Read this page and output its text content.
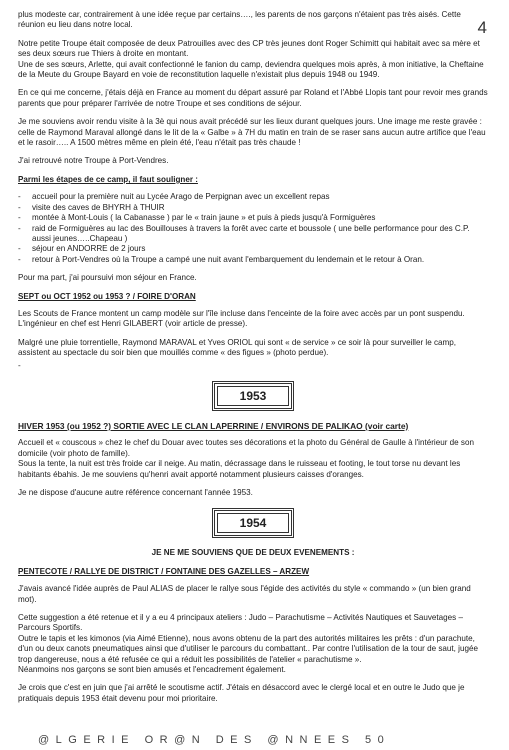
4

plus modeste car, contrairement à une idée reçue par certains…., les parents de nos garçons n'étaient pas très aisés. Cette réunion eu lieu dans notre local.

Notre petite Troupe était composée de deux Patrouilles avec des CP très jeunes dont Roger Schimitt qui habitait avec sa mère et ses deux sœurs rue Thiers à droite en montant.
Une de ses sœurs, Arlette, qui avait confectionné le fanion du camp, deviendra quelques mois après, à mon initiative, la Cheftaine de la Meute du Groupe Bayard en voie de reconstitution laquelle n'existait plus depuis 1948 ou 1949.

En ce qui me concerne, j'étais déjà en France au moment du départ assuré par Roland et l'Abbé Llopis tant pour revoir mes grands parents que pour préparer l'arrivée de notre Troupe et ses conditions de séjour.

Je me souviens avoir rendu visite à la 3è qui nous avait précédé sur les lieux durant quelques jours. Une image me reste gravée : celle de Raymond Maraval allongé dans le lit de la « Galbe » à 7H du matin en train de se raser sans aucun autre artifice que l'eau et le rasoir….. A 1500 mètres même en plein été, l'eau n'était pas très chaude !

J'ai retrouvé notre Troupe à Port-Vendres.

Parmi les étapes de ce camp, il faut souligner :
- accueil pour la première nuit au Lycée Arago de Perpignan avec un excellent repas
- visite des caves de BHYRH à THUIR
- montée à Mont-Louis ( la Cabanasse ) par le « train jaune » et puis à pieds jusqu'à Formiguères
- raid de Formiguères au lac des Bouillouses à travers la forêt avec carte et boussole ( une belle performance pour des C.P. aussi jeunes…..Chapeau )
- séjour en ANDORRE de 2 jours
- retour à Port-Vendres où la Troupe a campé une nuit avant l'embarquement du lendemain et le retour à Oran.

Pour ma part, j'ai poursuivi mon séjour en France.

SEPT ou OCT 1952 ou 1953 ? / FOIRE D'ORAN

Les Scouts de France montent un camp modèle sur l'île incluse dans l'enceinte de la foire avec accès par un pont suspendu. L'ingénieur en chef est Henri GILABERT (voir article de presse).

Malgré une pluie torrentielle, Raymond MARAVAL et Yves ORIOL qui sont « de service » ce soir là pour surveiller le camp, assistent au spectacle du soir bien que mouillés comme « des figues » (photo perdue).

-
1953
HIVER 1953 (ou 1952 ?) SORTIE AVEC LE CLAN LAPERRINE / ENVIRONS DE PALIKAO (voir carte)

Accueil et « couscous » chez le chef du Douar avec toutes ses décorations et la photo du Général de Gaulle à l'intérieur de son domicile (voir photo de famille).
Sous la tente, la nuit est très froide car il neige. Au matin, décrassage dans le ruisseau et footing, le tout torse nu devant les habitants ébahis. Je me souviens qu'henri avait apporté notamment plusieurs caisses d'oranges.

Je ne dispose d'aucune autre référence concernant l'année 1953.

1954
JE NE ME SOUVIENS QUE DE DEUX EVENEMENTS :
PENTECOTE / RALLYE DE DISTRICT / FONTAINE DES GAZELLES – ARZEW

J'avais avancé l'idée auprès de Paul ALIAS de placer le rallye sous l'égide des activités du style « commando » (un bien grand mot).

Cette suggestion a été retenue et il y a eu 4 principaux ateliers : Judo – Parachutisme – Activités Nautiques et Sauvetages – Parcours Sportifs.
Outre le tapis et les kimonos (via Aimé Etienne), nous avons obtenu de la part des autorités militaires les prêts : d'un parachute, d'un ou deux canots pneumatiques ainsi que d'utiliser le parcours du combattant.. Par contre l'utilisation de la tour de saut, jugée trop dangereuse, nous a été refusée ce qui a réduit les possibilités de l'atelier « parachutisme ».
Néanmoins nos garçons se sont bien amusés et l'encadrement également.

Je crois que c'est en juin que j'ai arrêté le scoutisme actif. J'étais en désaccord avec le clergé local et en outre le Judo que je pratiquais depuis 1953 était devenu pour moi prioritaire.

@LGERIE OR@N DES @NNEES 50
